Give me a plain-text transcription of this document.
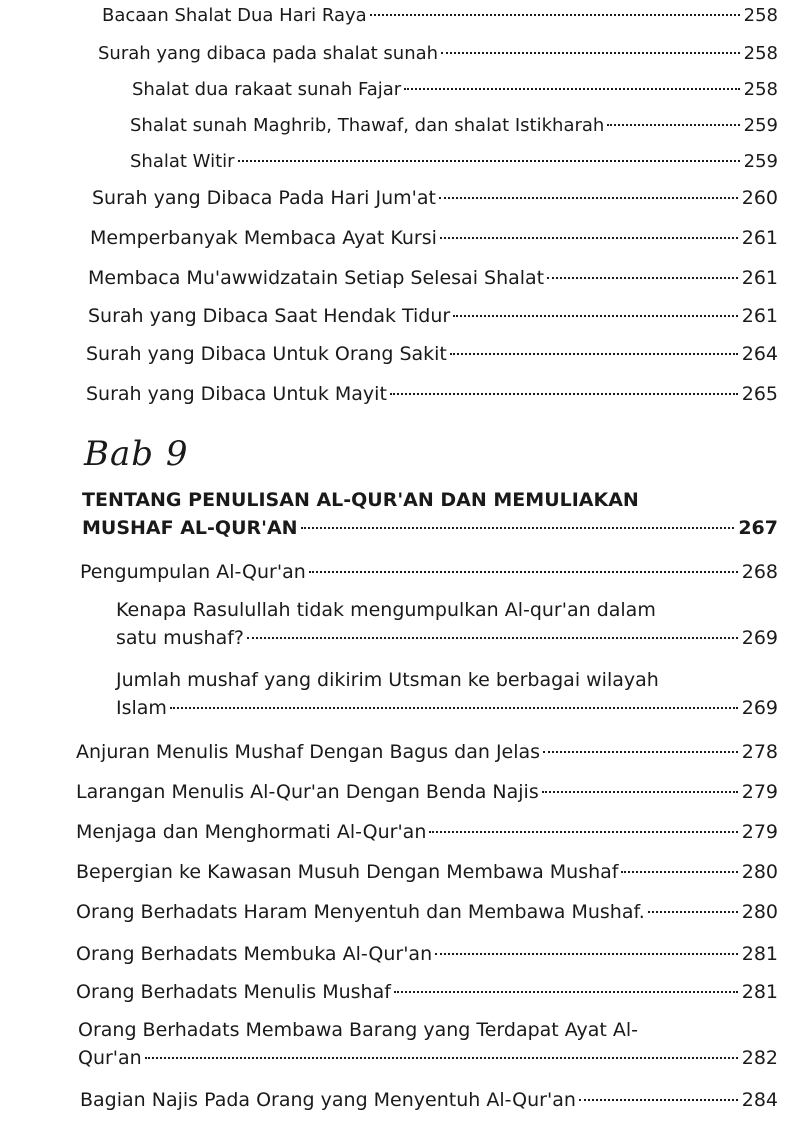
Bacaan Shalat Dua Hari Raya	258
Surah yang dibaca pada shalat sunah	258
Shalat dua rakaat sunah Fajar	258
Shalat sunah Maghrib, Thawaf, dan shalat Istikharah	259
Shalat Witir	259
Surah yang Dibaca Pada Hari Jum'at	260
Memperbanyak Membaca Ayat Kursi	261
Membaca Mu'awwidzatain Setiap Selesai Shalat	261
Surah yang Dibaca Saat Hendak Tidur	261
Surah yang Dibaca Untuk Orang Sakit	264
Surah yang Dibaca Untuk Mayit	265
Bab 9
TENTANG PENULISAN AL-QUR'AN DAN MEMULIAKAN
MUSHAF AL-QUR'AN	267
Pengumpulan Al-Qur'an	268
Kenapa Rasulullah tidak mengumpulkan Al-qur'an dalam
satu mushaf?	269
Jumlah mushaf yang dikirim Utsman ke berbagai wilayah
Islam	269
Anjuran Menulis Mushaf Dengan Bagus dan Jelas	278
Larangan Menulis Al-Qur'an Dengan Benda Najis	279
Menjaga dan Menghormati Al-Qur'an	279
Bepergian ke Kawasan Musuh Dengan Membawa Mushaf	280
Orang Berhadats Haram Menyentuh dan Membawa Mushaf.	280
Orang Berhadats Membuka Al-Qur'an	281
Orang Berhadats Menulis Mushaf	281
Orang Berhadats Membawa Barang yang Terdapat Ayat Al-
Qur'an	282
Bagian Najis Pada Orang yang Menyentuh Al-Qur'an	284
